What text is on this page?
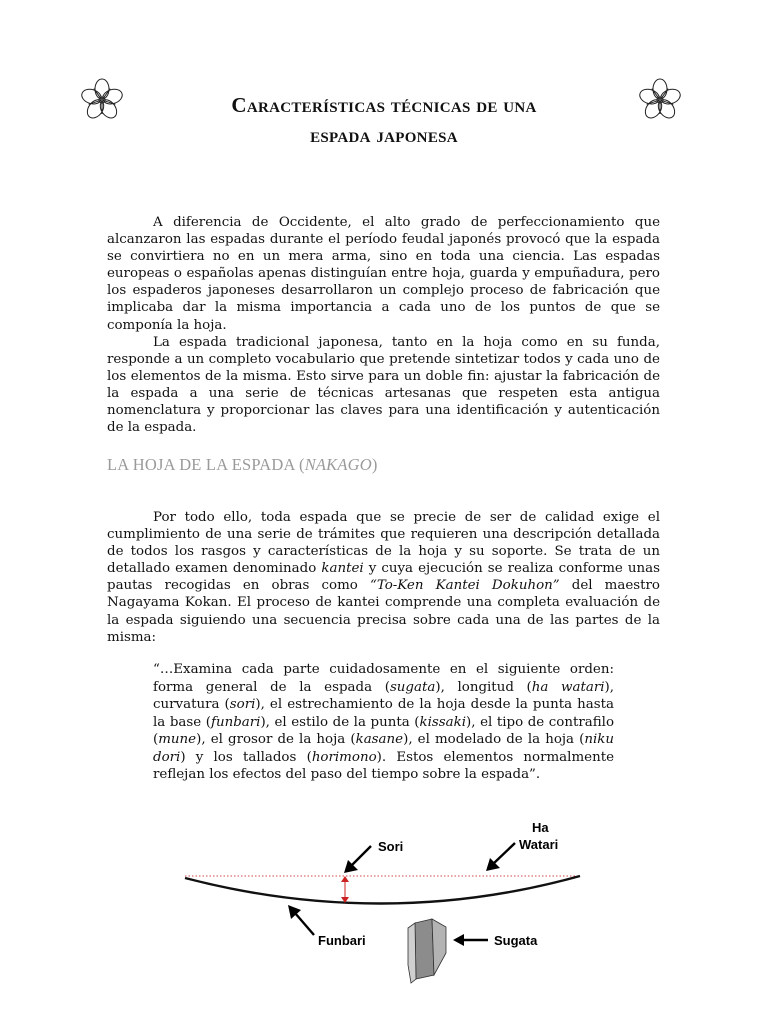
Características técnicas de una
espada japonesa

A diferencia de Occidente, el alto grado de perfeccionamiento que alcanzaron las espadas durante el período feudal japonés provocó que la espada se convirtiera no en un mera arma, sino en toda una ciencia. Las espadas europeas o españolas apenas distinguían entre hoja, guarda y empuñadura, pero los espaderos japoneses desarrollaron un complejo proceso de fabricación que implicaba dar la misma importancia a cada uno de los puntos de que se componía la hoja.

La espada tradicional japonesa, tanto en la hoja como en su funda, responde a un completo vocabulario que pretende sintetizar todos y cada uno de los elementos de la misma. Esto sirve para un doble fin: ajustar la fabricación de la espada a una serie de técnicas artesanas que respeten esta antigua nomenclatura y proporcionar las claves para una identificación y autenticación de la espada.

LA HOJA DE LA ESPADA (NAKAGO)

Por todo ello, toda espada que se precie de ser de calidad exige el cumplimiento de una serie de trámites que requieren una descripción detallada de todos los rasgos y características de la hoja y su soporte. Se trata de un detallado examen denominado kantei y cuya ejecución se realiza conforme unas pautas recogidas en obras como “To-Ken Kantei Dokuhon” del maestro Nagayama Kokan. El proceso de kantei comprende una completa evaluación de la espada siguiendo una secuencia precisa sobre cada una de las partes de la misma:

“…Examina cada parte cuidadosamente en el siguiente orden: forma general de la espada (sugata), longitud (ha watari), curvatura (sori), el estrechamiento de la hoja desde la punta hasta la base (funbari), el estilo de la punta (kissaki), el tipo de contrafilo (mune), el grosor de la hoja (kasane), el modelado de la hoja (niku dori) y los tallados (horimono). Estos elementos normalmente reflejan los efectos del paso del tiempo sobre la espada”.

Sori
Ha
Watari
Funbari	Sugata
